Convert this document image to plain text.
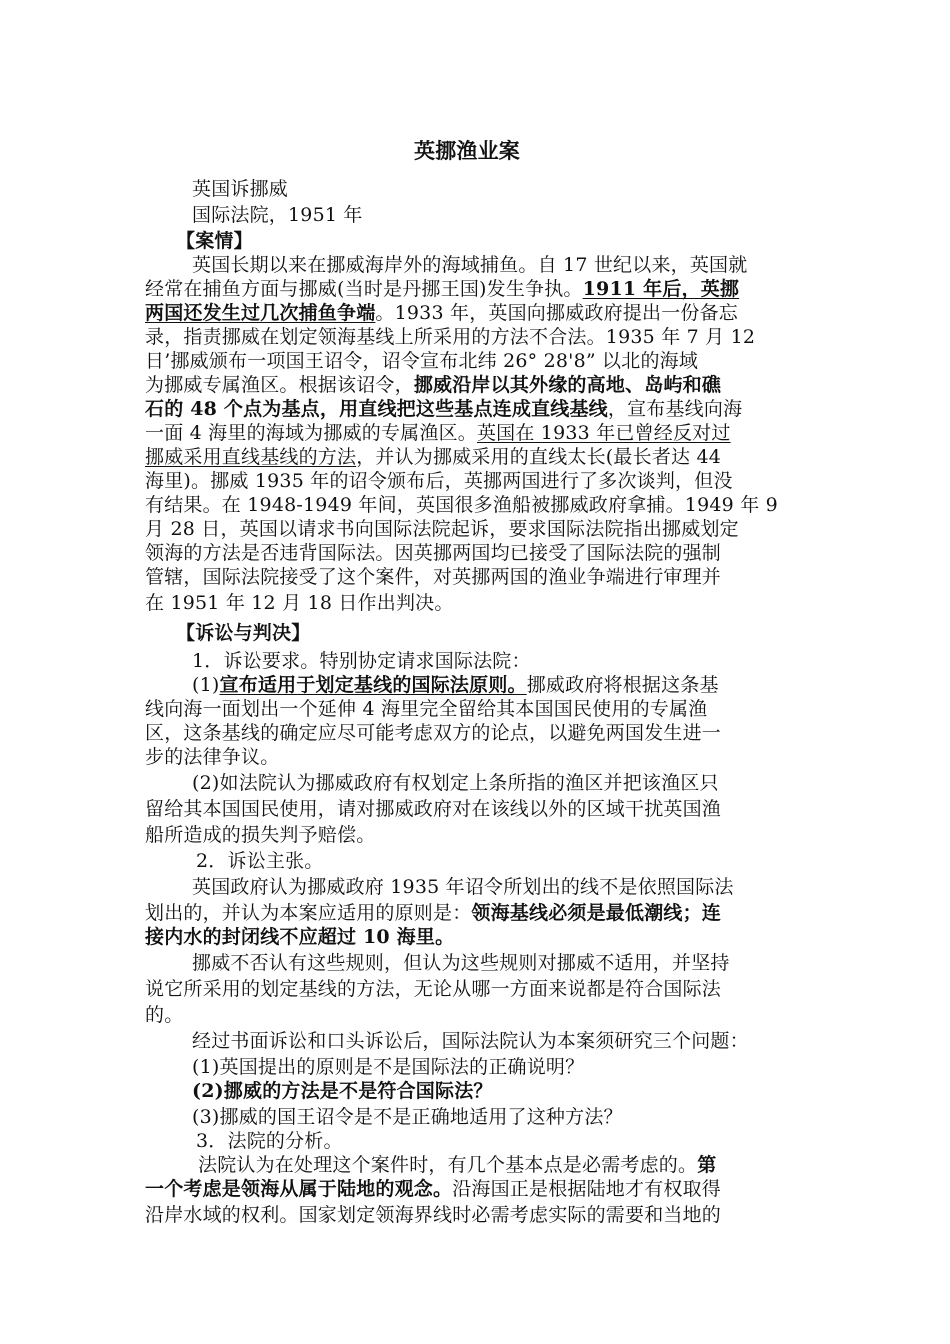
英挪渔业案
英国诉挪威
国际法院，1951 年
【案情】
英国长期以来在挪威海岸外的海域捕鱼。自 17 世纪以来，英国就
经常在捕鱼方面与挪威(当时是丹挪王国)发生争执。1911 年后，英挪
两国还发生过几次捕鱼争端。1933 年，英国向挪威政府提出一份备忘
录，指责挪威在划定领海基线上所采用的方法不合法。1935 年 7 月 12
日’挪威颁布一项国王诏令，诏令宣布北纬 26° 28'8” 以北的海域
为挪威专属渔区。根据该诏令，挪威沿岸以其外缘的高地、岛屿和礁
石的 48 个点为基点，用直线把这些基点连成直线基线，宣布基线向海
一面 4 海里的海域为挪威的专属渔区。英国在 1933 年已曾经反对过
挪威采用直线基线的方法，并认为挪威采用的直线太长(最长者达 44
海里)。挪威 1935 年的诏令颁布后，英挪两国进行了多次谈判，但没
有结果。在 1948-1949 年间，英国很多渔船被挪威政府拿捕。1949 年 9
月 28 日，英国以请求书向国际法院起诉，要求国际法院指出挪威划定
领海的方法是否违背国际法。因英挪两国均已接受了国际法院的强制
管辖，国际法院接受了这个案件，对英挪两国的渔业争端进行审理并
在 1951 年 12 月 18 日作出判决。
【诉讼与判决】
1．诉讼要求。特别协定请求国际法院：
(1)宣布适用于划定基线的国际法原则。挪威政府将根据这条基
线向海一面划出一个延伸 4 海里完全留给其本国国民使用的专属渔
区，这条基线的确定应尽可能考虑双方的论点，以避免两国发生进一
步的法律争议。
(2)如法院认为挪威政府有权划定上条所指的渔区并把该渔区只
留给其本国国民使用，请对挪威政府对在该线以外的区域干扰英国渔
船所造成的损失判予赔偿。
2．诉讼主张。
英国政府认为挪威政府 1935 年诏令所划出的线不是依照国际法
划出的，并认为本案应适用的原则是：领海基线必须是最低潮线；连
接内水的封闭线不应超过 10 海里。
挪威不否认有这些规则，但认为这些规则对挪威不适用，并坚持
说它所采用的划定基线的方法，无论从哪一方面来说都是符合国际法
的。
经过书面诉讼和口头诉讼后，国际法院认为本案须研究三个问题：
(1)英国提出的原则是不是国际法的正确说明？
(2)挪威的方法是不是符合国际法？
(3)挪威的国王诏令是不是正确地适用了这种方法？
3．法院的分析。
法院认为在处理这个案件时，有几个基本点是必需考虑的。第
一个考虑是领海从属于陆地的观念。沿海国正是根据陆地才有权取得
沿岸水域的权利。国家划定领海界线时必需考虑实际的需要和当地的
